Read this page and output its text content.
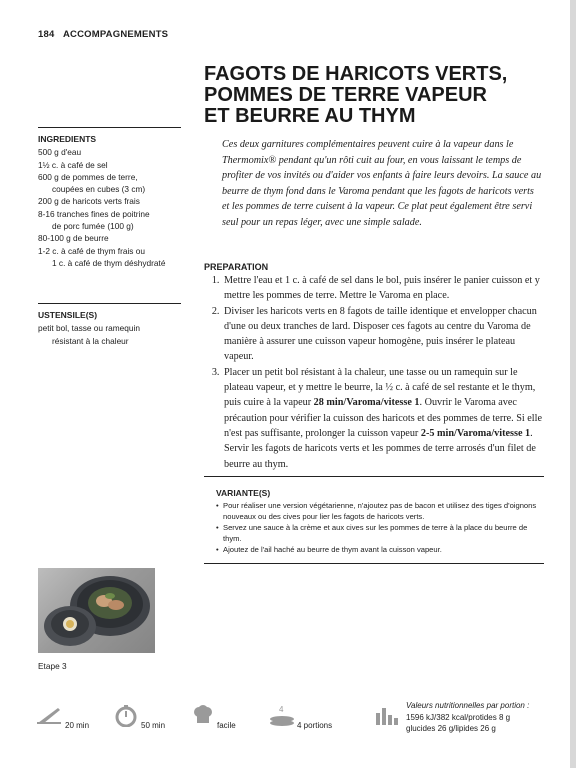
184 ACCOMPAGNEMENTS
FAGOTS DE HARICOTS VERTS,
POMMES DE TERRE VAPEUR
ET BEURRE AU THYM
INGREDIENTS
500 g d'eau
1½ c. à café de sel
600 g de pommes de terre,
coupées en cubes (3 cm)
200 g de haricots verts frais
8-16 tranches fines de poitrine
de porc fumée (100 g)
80-100 g de beurre
1-2 c. à café de thym frais ou
1 c. à café de thym déshydraté
USTENSILE(S)
petit bol, tasse ou ramequin
résistant à la chaleur
Ces deux garnitures complémentaires peuvent cuire à la vapeur dans le Thermomix® pendant qu'un rôti cuit au four, en vous laissant le temps de profiter de vos invités ou d'aider vos enfants à faire leurs devoirs. La sauce au beurre de thym fond dans le Varoma pendant que les fagots de haricots verts et les pommes de terre cuisent à la vapeur. Ce plat peut également être servi seul pour un repas léger, avec une simple salade.
PREPARATION
1. Mettre l'eau et 1 c. à café de sel dans le bol, puis insérer le panier cuisson et y mettre les pommes de terre. Mettre le Varoma en place.
2. Diviser les haricots verts en 8 fagots de taille identique et envelopper chacun d'une ou deux tranches de lard. Disposer ces fagots au centre du Varoma de manière à assurer une cuisson vapeur homogène, puis insérer le plateau vapeur.
3. Placer un petit bol résistant à la chaleur, une tasse ou un ramequin sur le plateau vapeur, et y mettre le beurre, la ½ c. à café de sel restante et le thym, puis cuire à la vapeur 28 min/Varoma/vitesse 1. Ouvrir le Varoma avec précaution pour vérifier la cuisson des haricots et des pommes de terre. Si elle n'est pas suffisante, prolonger la cuisson vapeur 2-5 min/Varoma/vitesse 1. Servir les fagots de haricots verts et les pommes de terre arrosés d'un filet de beurre au thym.
VARIANTE(S)
• Pour réaliser une version végétarienne, n'ajoutez pas de bacon et utilisez des tiges d'oignons nouveaux ou des cives pour lier les fagots de haricots verts.
• Servez une sauce à la crème et aux cives sur les pommes de terre à la place du beurre de thym.
• Ajoutez de l'ail haché au beurre de thym avant la cuisson vapeur.
Etape 3
20 min	50 min	facile
4
4 portions
Valeurs nutritionnelles par portion :
1596 kJ/382 kcal/protides 8 g
glucides 26 g/lipides 26 g
